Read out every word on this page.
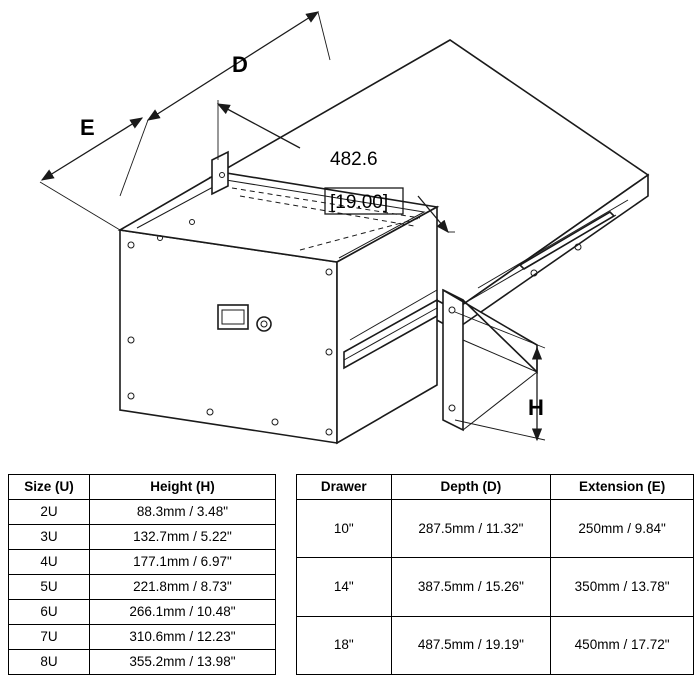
D
E
H
482.6
[19.00]
Size (U)	Height (H)
2U	88.3mm / 3.48"
3U	132.7mm / 5.22"
4U	177.1mm / 6.97"
5U	221.8mm / 8.73"
6U	266.1mm / 10.48"
7U	310.6mm / 12.23"
8U	355.2mm / 13.98"
Drawer	Depth (D)	Extension (E)
10"	287.5mm / 11.32"	250mm / 9.84"
14"	387.5mm / 15.26"	350mm / 13.78"
18"	487.5mm / 19.19"	450mm / 17.72"
